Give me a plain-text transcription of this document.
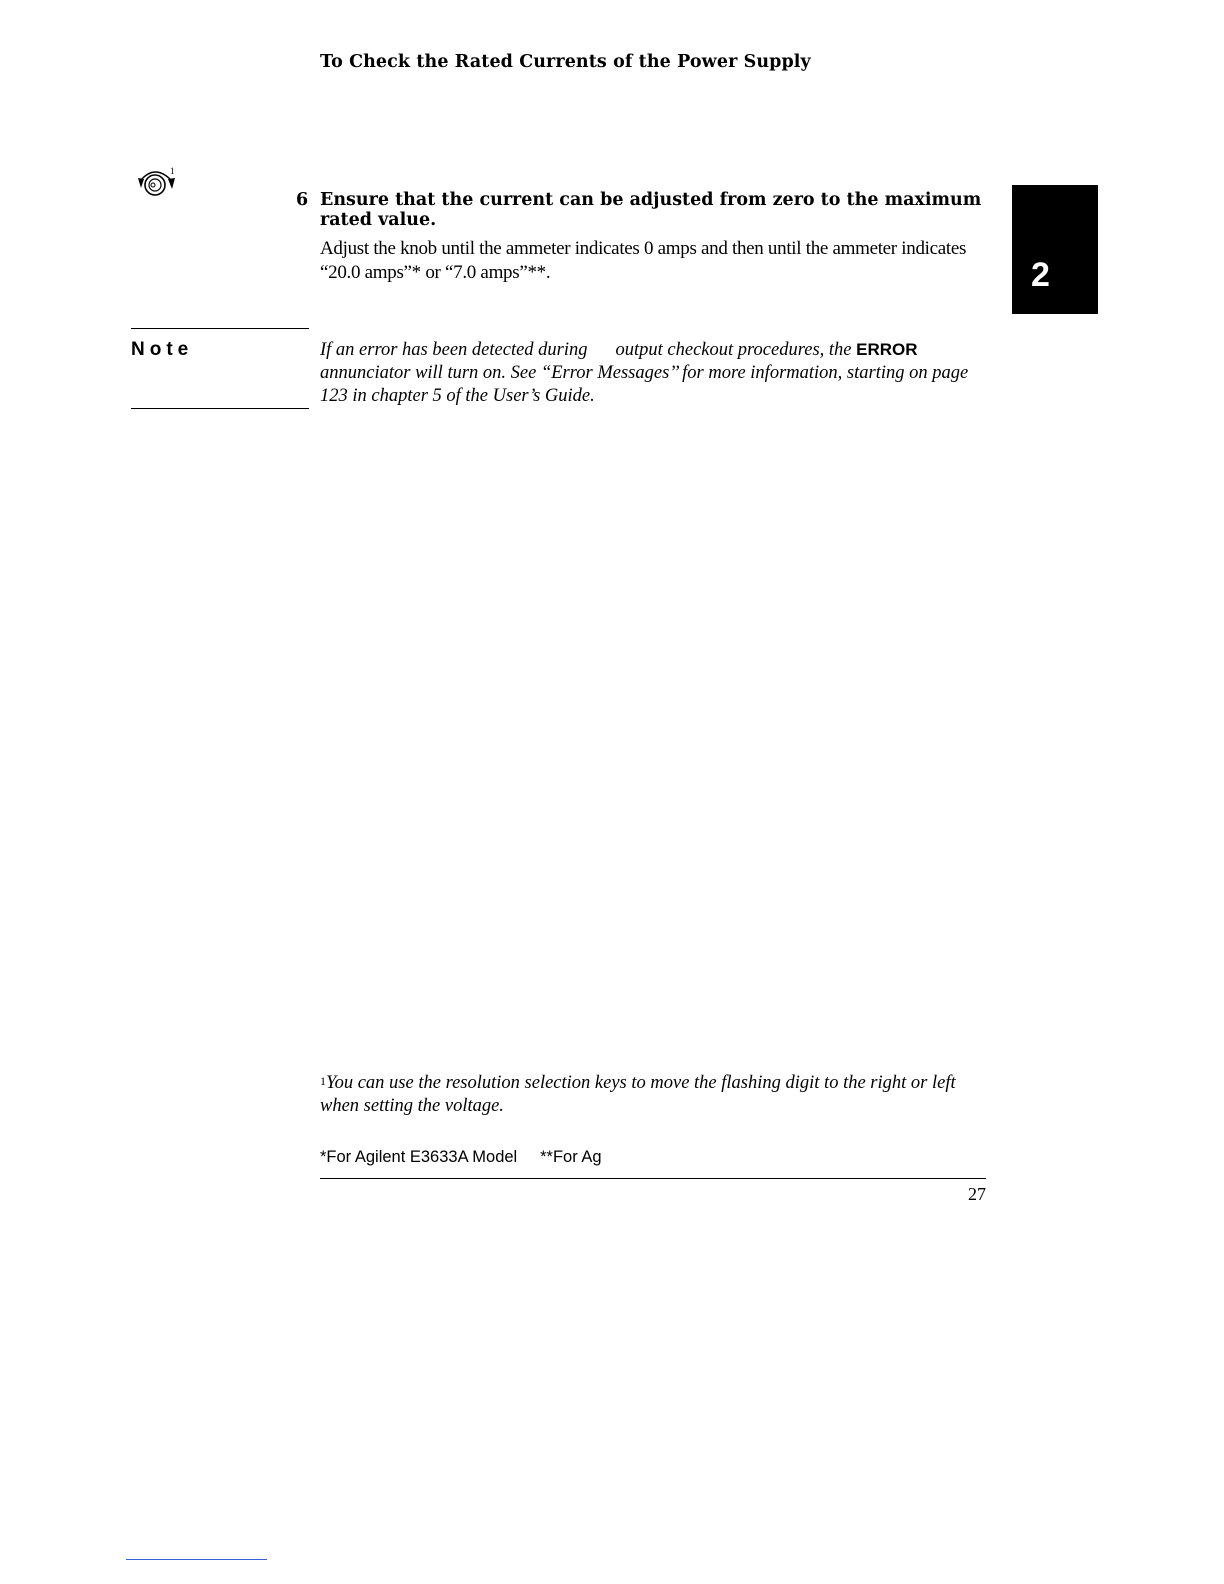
To Check the Rated Currents of the Power Supply
1
2
6 Ensure that the current can be adjusted from zero to the maximum rated value.
Adjust the knob until the ammeter indicates 0 amps and then until the ammeter indicates “20.0 amps”* or “7.0 amps”**.
Note	If an error has been detected during output checkout procedures, the ERROR annunciator will turn on. See “Error Messages’’ for more information, starting on page 123 in chapter 5 of the User’s Guide.
$^1$You can use the resolution selection keys to move the flashing digit to the right or left when setting the voltage.
*For Agilent E3633A Model **For Ag
27
